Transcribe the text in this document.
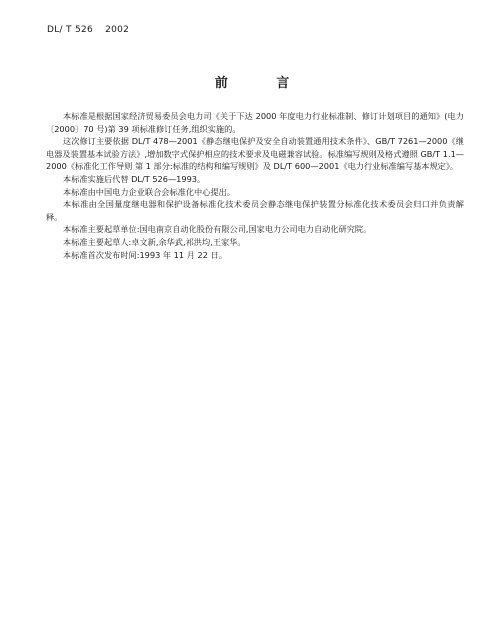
DL/ T 526 2002
前 言

本标准是根据国家经济贸易委员会电力司《关于下达 2000 年度电力行业标准制、修订计划项目的通知》(电力〔2000〕70 号)第 39 项标准修订任务,组织实施的。

这次修订主要依据 DL/T 478—2001《静态继电保护及安全自动装置通用技术条件》、GB/T 7261—2000《继电器及装置基本试验方法》,增加数字式保护相应的技术要求及电磁兼容试验。标准编写规则及格式遵照 GB/T 1.1—2000《标准化工作导则 第 1 部分:标准的结构和编写规则》及 DL/T 600—2001《电力行业标准编写基本规定》。

本标准实施后代替 DL/T 526—1993。

本标准由中国电力企业联合会标准化中心提出。

本标准由全国量度继电器和保护设备标准化技术委员会静态继电保护装置分标准化技术委员会归口并负责解释。

本标准主要起草单位:国电南京自动化股份有限公司,国家电力公司电力自动化研究院。

本标准主要起草人:卓文新,余华武,祁洪均,王家华。

本标准首次发布时间:1993 年 11 月 22 日。
